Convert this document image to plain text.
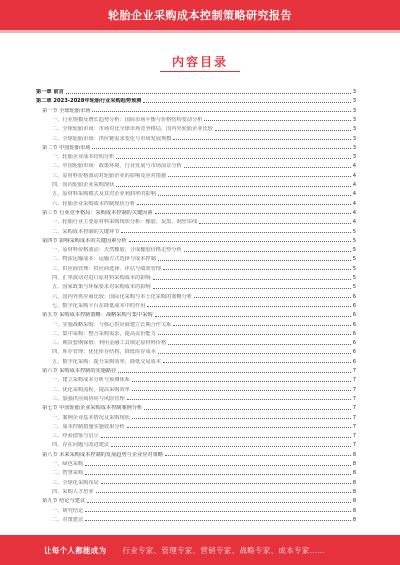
轮胎企业采购成本控制策略研究报告
内容目录
第一章 前言	3
第二章 2023-2028年轮胎行业采购趋势预测	3
第一节 全球轮胎市场	3
一、行业规模及增长趋势分析：国际市场平衡与价格结构变动分析	3
二、全球轮胎市场：市场对比全球市场竞争格局，国内外轮胎企业比较	3
三、全球轮胎市场：供应链需求变化与市场发展规模	3
第二节 中国轮胎市场	3
一、轮胎企业成本结构分析	3
二、中国轮胎市场：政策环境、行业发展与市场前景分析	4
三、原材料价格波动对轮胎企业的影响及应对措施	4
四、国内轮胎企业采购现状	4
五、原材料采购模式及其对企业利润率的影响	4
六、轮胎企业采购成本控制现状分析	4
第三节 行业竞争格局：采购成本控制的关键因素	4
一、轮胎行业主要原材料采购现状分析：橡胶、炭黑、钢丝帘线	4
二、采购成本控制的关键环节	5
第四节 影响采购成本的关键因素分析	5
一、原材料价格波动：天然橡胶、合成橡胶价格走势分析	5
二、物流运输成本：运输方式选择与成本控制	5
三、供应商管理：供应商选择、评估与绩效管理	5
四、汇率波动对进口原材料采购成本的影响	5
五、国家政策与环保要求对采购成本的影响	5
六、国内外供应商比较：国际化采购与本土化采购的策略分析	6
七、数字化采购平台在降低成本中的作用	6
第五节 采购成本控制策略：战略采购与集中采购	6
一、实施战略采购：与核心供应商建立长期合作关系	6
二、集中采购：整合采购需求，提高议价能力	6
三、期货套期保值：利用金融工具锁定原材料价格	6
四、库存管理：优化库存结构，降低库存成本	6
五、数字化采购：提升采购效率，降低交易成本	6
第六节 采购成本控制的实施路径	7
一、建立采购成本分析与预测体系	7
二、优化采购流程，提高采购效率	7
三、加强供应商协同与风险管理	7
第七节 中国轮胎企业采购成本控制案例分析	7
一、案例企业基本情况及采购现状	7
二、成本控制措施实施效果分析	7
三、经验借鉴与启示	7
四、存在问题与改进建议	7
第八节 未来采购成本控制的发展趋势与企业应对策略	8
一、绿色采购	8
二、智慧采购	8
三、全球化采购布局	8
四、采购人才培养	8
第九节 结论与建议	8
一、研究结论	8
二、对策建议	8
让每个人都能成为 行业专家、管理专家、营销专家、战略专家、成本专家……
